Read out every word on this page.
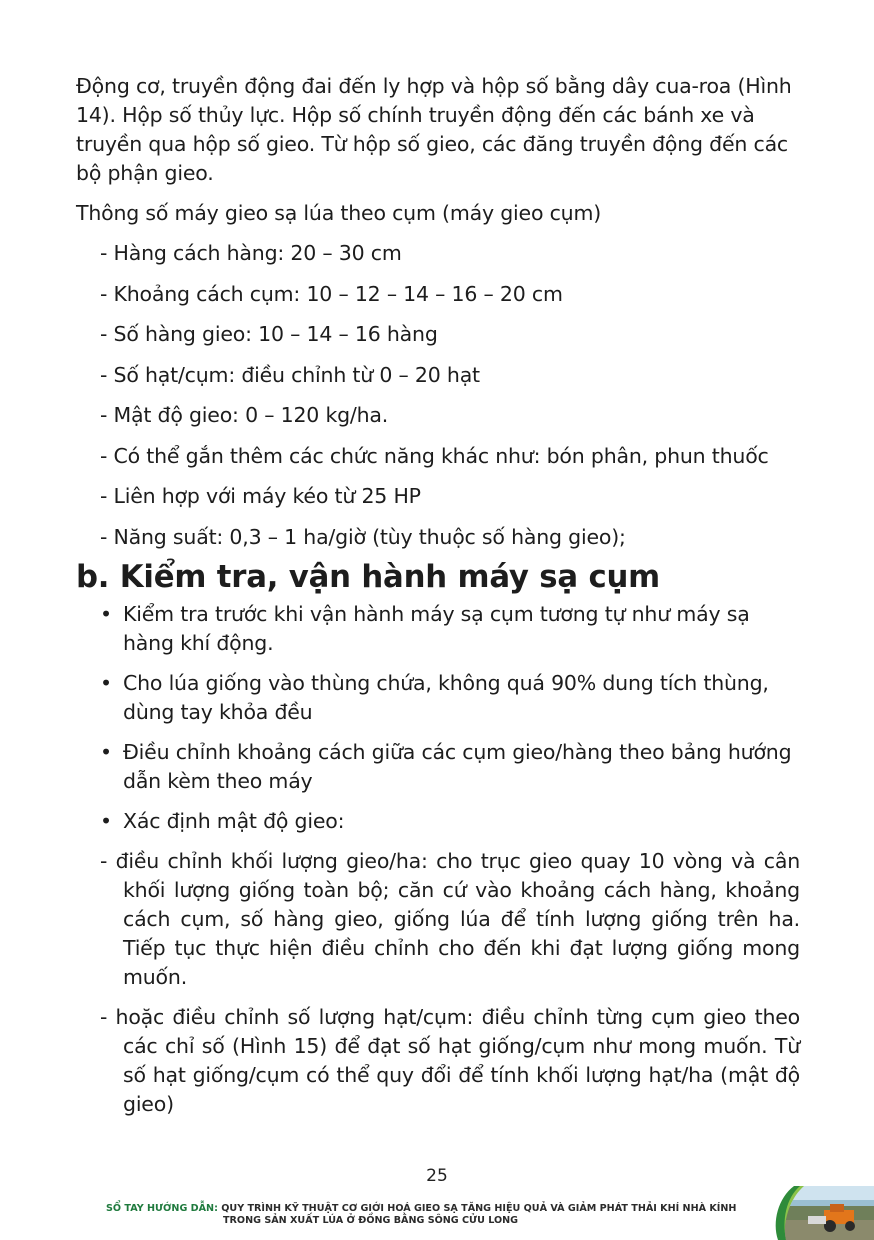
Động cơ, truyền động đai đến ly hợp và hộp số bằng dây cua-roa (Hình 14). Hộp số thủy lực. Hộp số chính truyền động đến các bánh xe và truyền qua hộp số gieo. Từ hộp số gieo, các đăng truyền động đến các bộ phận gieo.

Thông số máy gieo sạ lúa theo cụm (máy gieo cụm)

- Hàng cách hàng: 20 – 30 cm
- Khoảng cách cụm: 10 – 12 – 14 – 16 – 20 cm
- Số hàng gieo: 10 – 14 – 16 hàng
- Số hạt/cụm: điều chỉnh từ 0 – 20 hạt
- Mật độ gieo: 0 – 120 kg/ha.
- Có thể gắn thêm các chức năng khác như: bón phân, phun thuốc
- Liên hợp với máy kéo từ 25 HP
- Năng suất: 0,3 – 1 ha/giờ (tùy thuộc số hàng gieo);
b. Kiểm tra, vận hành máy sạ cụm
• Kiểm tra trước khi vận hành máy sạ cụm tương tự như máy sạ hàng khí động.
• Cho lúa giống vào thùng chứa, không quá 90% dung tích thùng, dùng tay khỏa đều
• Điều chỉnh khoảng cách giữa các cụm gieo/hàng theo bảng hướng dẫn kèm theo máy
• Xác định mật độ gieo:

- điều chỉnh khối lượng gieo/ha: cho trục gieo quay 10 vòng và cân khối lượng giống toàn bộ; căn cứ vào khoảng cách hàng, khoảng cách cụm, số hàng gieo, giống lúa để tính lượng giống trên ha. Tiếp tục thực hiện điều chỉnh cho đến khi đạt lượng giống mong muốn.

- hoặc điều chỉnh số lượng hạt/cụm: điều chỉnh từng cụm gieo theo các chỉ số (Hình 15) để đạt số hạt giống/cụm như mong muốn. Từ số hạt giống/cụm có thể quy đổi để tính khối lượng hạt/ha (mật độ gieo)

25
SỔ TAY HƯỚNG DẪN: QUY TRÌNH KỸ THUẬT CƠ GIỚI HOÁ GIEO SẠ TĂNG HIỆU QUẢ VÀ GIẢM PHÁT THẢI KHÍ NHÀ KÍNH
TRONG SẢN XUẤT LÚA Ở ĐỒNG BẰNG SÔNG CỬU LONG
